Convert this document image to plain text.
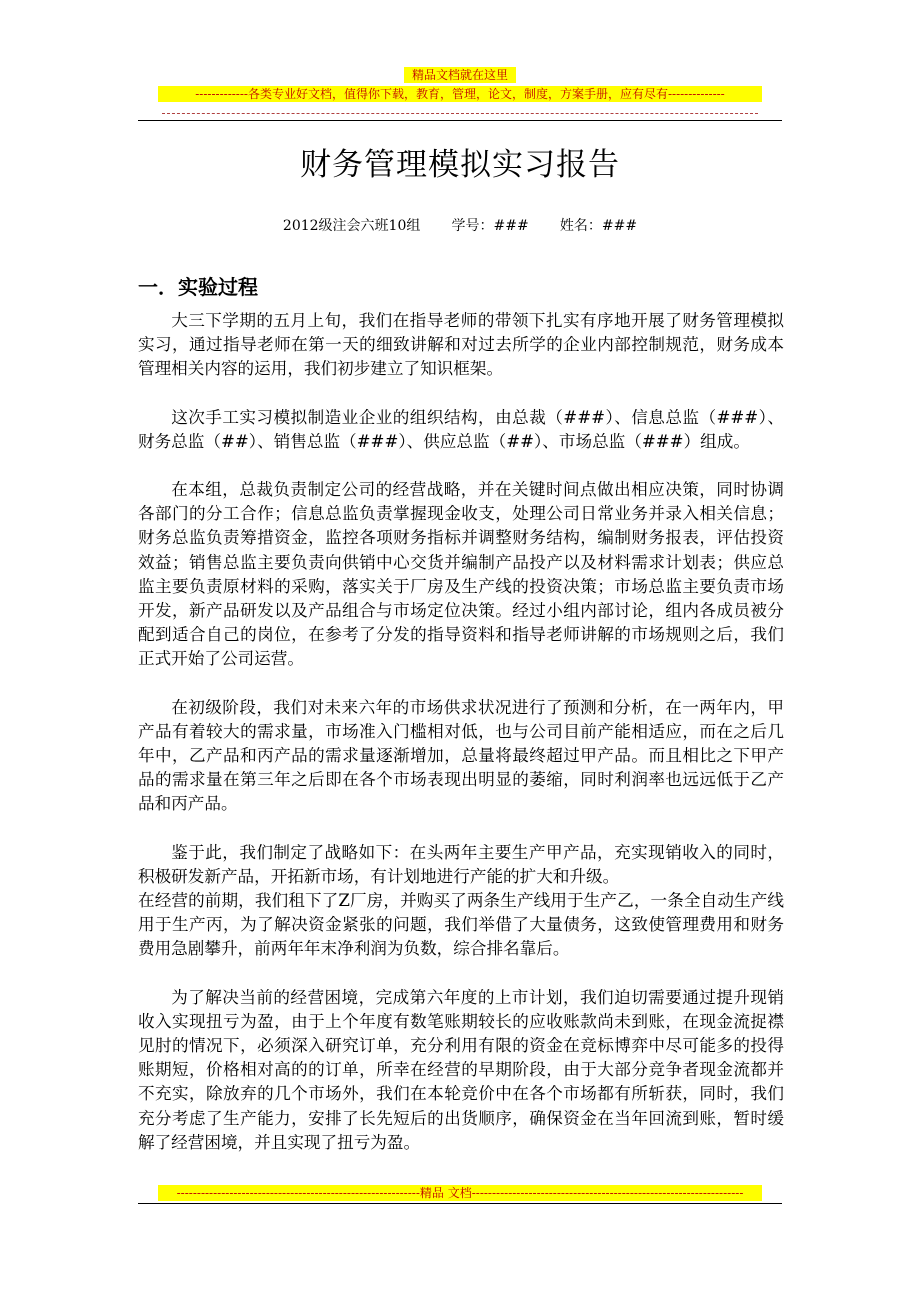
精品文档就在这里
-------------各类专业好文档，值得你下载，教育，管理，论文，制度，方案手册，应有尽有--------------
财务管理模拟实习报告
2012级注会六班10组       学号：###       姓名：###
一．实验过程

大三下学期的五月上旬，我们在指导老师的带领下扎实有序地开展了财务管理模拟实习，通过指导老师在第一天的细致讲解和对过去所学的企业内部控制规范，财务成本管理相关内容的运用，我们初步建立了知识框架。

这次手工实习模拟制造业企业的组织结构，由总裁（###）、信息总监（###）、财务总监（##）、销售总监（###）、供应总监（##）、市场总监（###）组成。

在本组，总裁负责制定公司的经营战略，并在关键时间点做出相应决策，同时协调各部门的分工合作；信息总监负责掌握现金收支，处理公司日常业务并录入相关信息；财务总监负责筹措资金，监控各项财务指标并调整财务结构，编制财务报表，评估投资效益；销售总监主要负责向供销中心交货并编制产品投产以及材料需求计划表；供应总监主要负责原材料的采购，落实关于厂房及生产线的投资决策；市场总监主要负责市场开发，新产品研发以及产品组合与市场定位决策。经过小组内部讨论，组内各成员被分配到适合自己的岗位，在参考了分发的指导资料和指导老师讲解的市场规则之后，我们正式开始了公司运营。

在初级阶段，我们对未来六年的市场供求状况进行了预测和分析，在一两年内，甲产品有着较大的需求量，市场准入门槛相对低，也与公司目前产能相适应，而在之后几年中，乙产品和丙产品的需求量逐渐增加，总量将最终超过甲产品。而且相比之下甲产品的需求量在第三年之后即在各个市场表现出明显的萎缩，同时利润率也远远低于乙产品和丙产品。

鉴于此，我们制定了战略如下：在头两年主要生产甲产品，充实现销收入的同时，积极研发新产品，开拓新市场，有计划地进行产能的扩大和升级。

在经营的前期，我们租下了Z厂房，并购买了两条生产线用于生产乙，一条全自动生产线用于生产丙，为了解决资金紧张的问题，我们举借了大量债务，这致使管理费用和财务费用急剧攀升，前两年年末净利润为负数，综合排名靠后。

为了解决当前的经营困境，完成第六年度的上市计划，我们迫切需要通过提升现销收入实现扭亏为盈，由于上个年度有数笔账期较长的应收账款尚未到账，在现金流捉襟见肘的情况下，必须深入研究订单，充分利用有限的资金在竞标博弈中尽可能多的投得账期短，价格相对高的的订单，所幸在经营的早期阶段，由于大部分竞争者现金流都并不充实，除放弃的几个市场外，我们在本轮竞价中在各个市场都有所斩获，同时，我们充分考虑了生产能力，安排了长先短后的出货顺序，确保资金在当年回流到账，暂时缓解了经营困境，并且实现了扭亏为盈。

------------------------------------------------------------精品 文档-------------------------------------------------------------------
